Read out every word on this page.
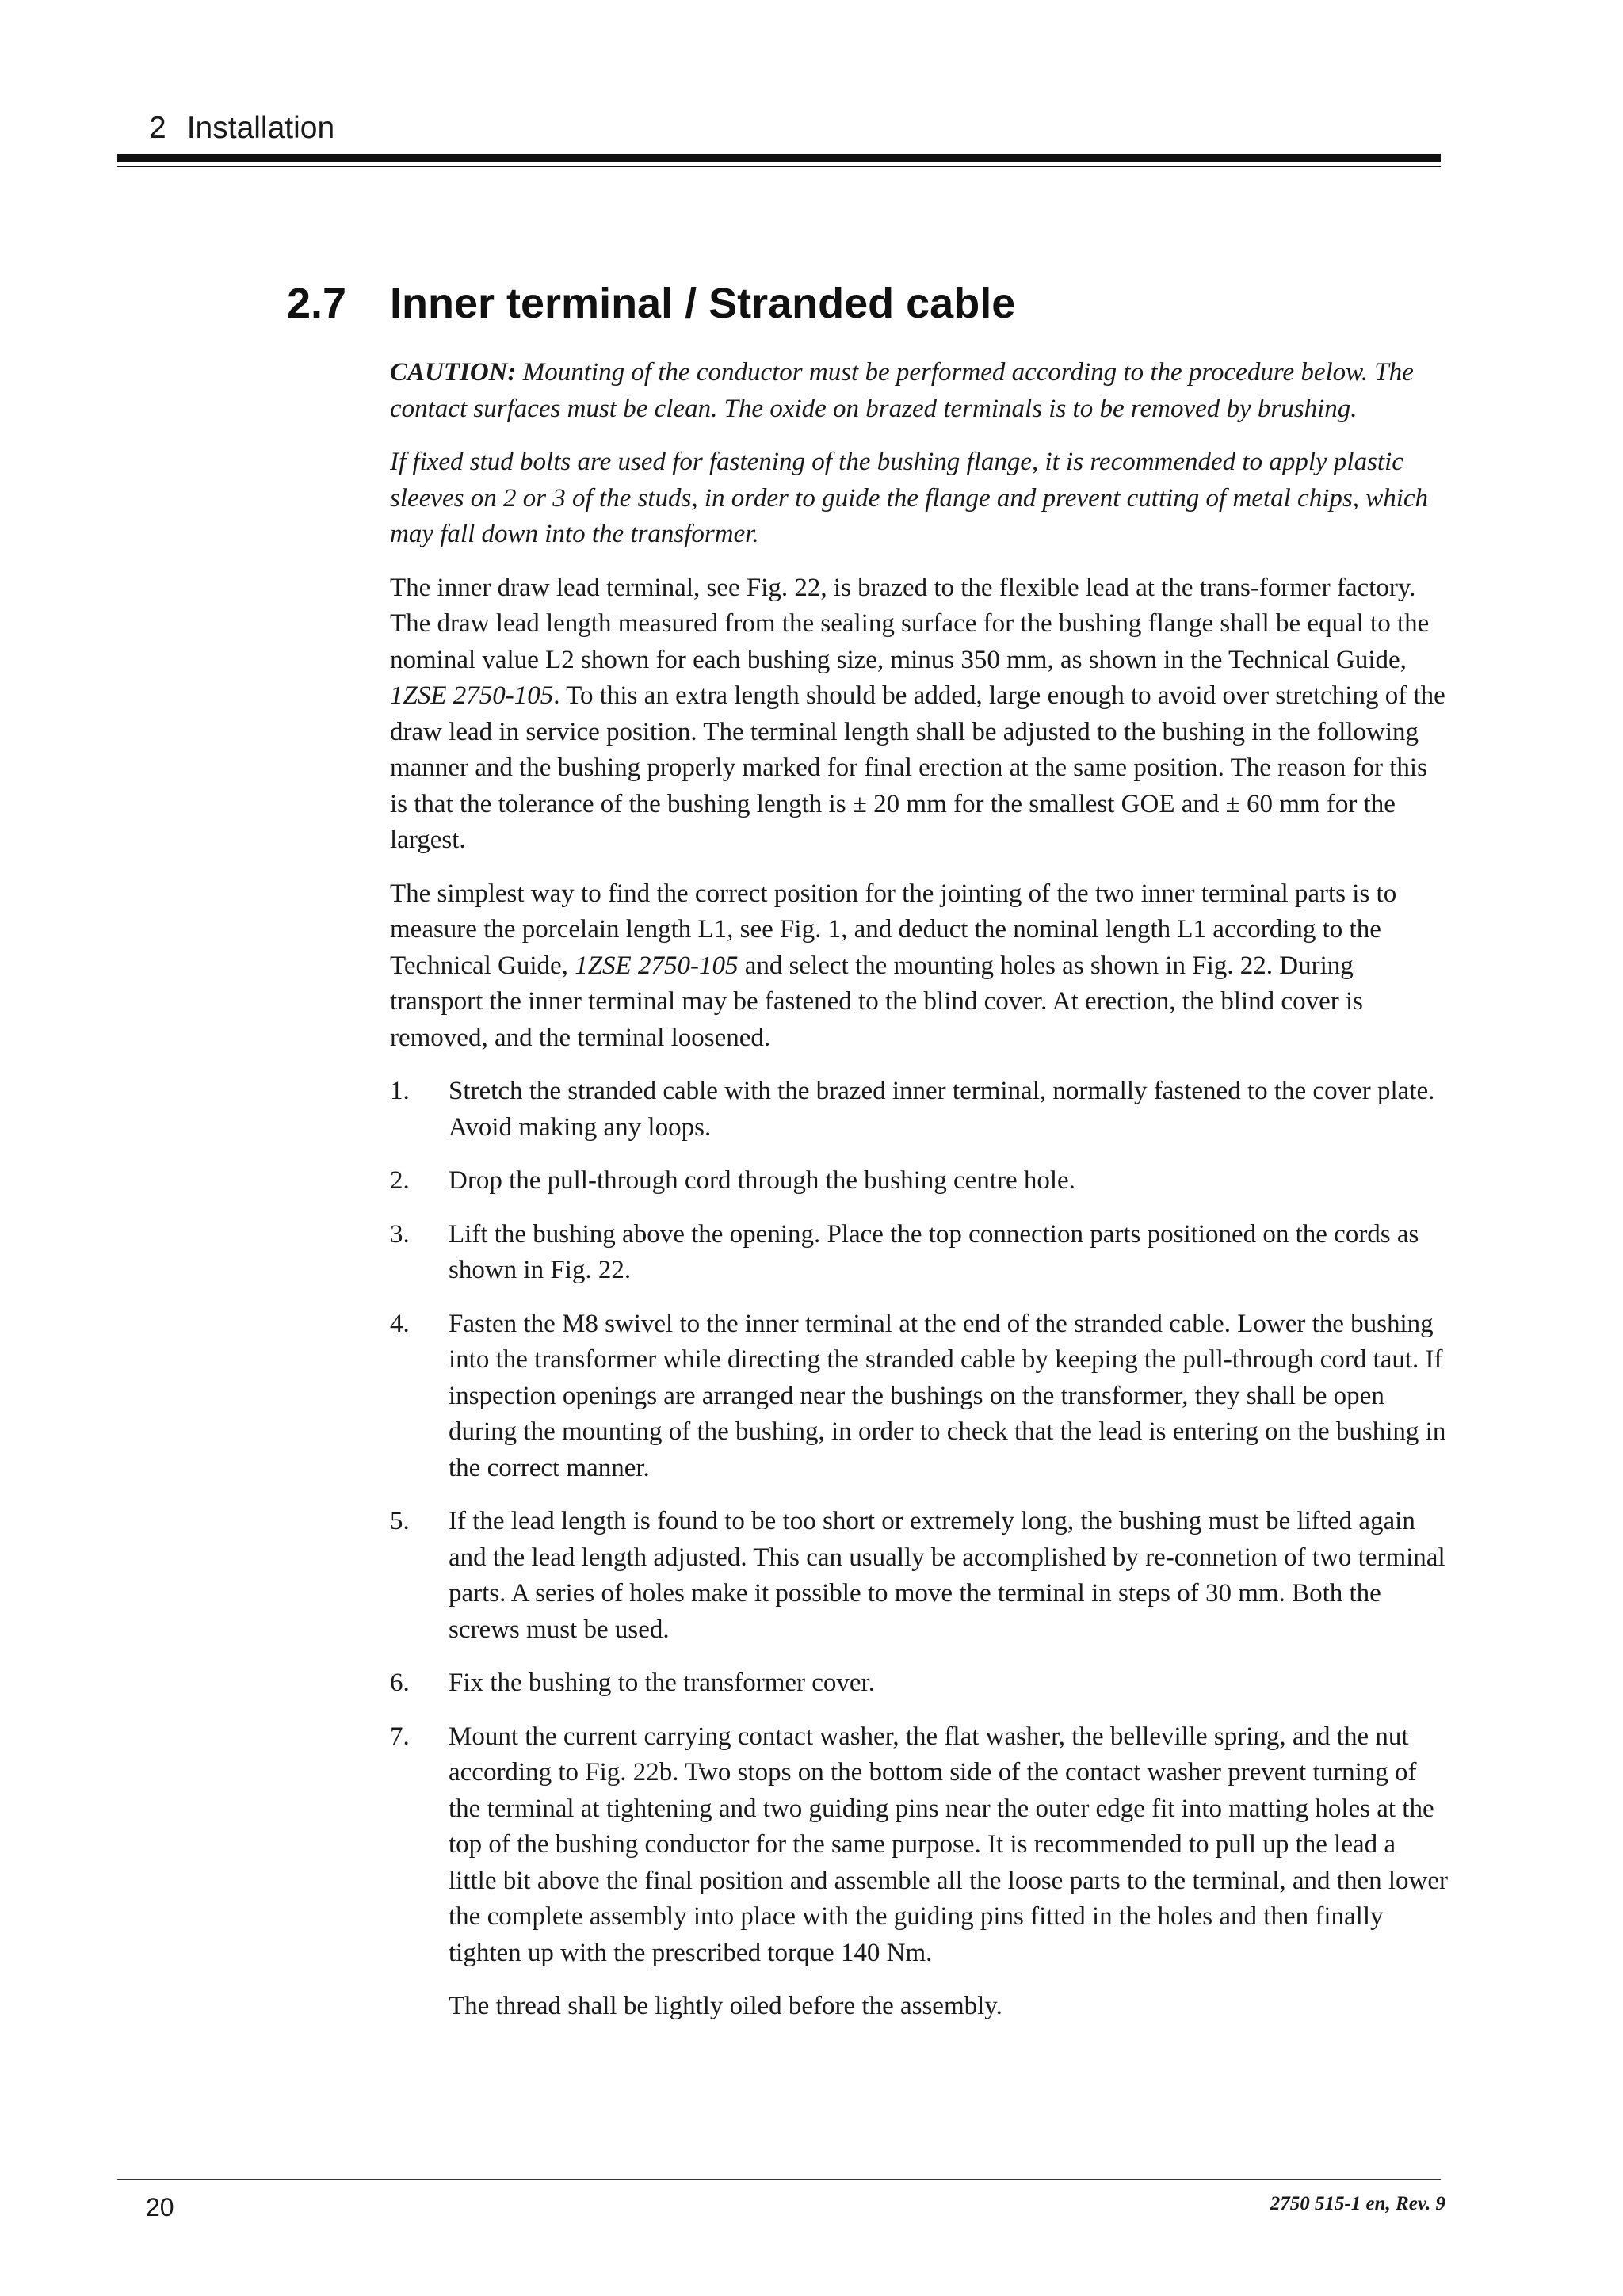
2 Installation
2.7 Inner terminal / Stranded cable

CAUTION: Mounting of the conductor must be performed according to the procedure below. The contact surfaces must be clean. The oxide on brazed terminals is to be removed by brushing.

If fixed stud bolts are used for fastening of the bushing flange, it is recommended to apply plastic sleeves on 2 or 3 of the studs, in order to guide the flange and prevent cutting of metal chips, which may fall down into the transformer.

The inner draw lead terminal, see Fig. 22, is brazed to the flexible lead at the trans-former factory. The draw lead length measured from the sealing surface for the bushing flange shall be equal to the nominal value L2 shown for each bushing size, minus 350 mm, as shown in the Technical Guide, 1ZSE 2750-105. To this an extra length should be added, large enough to avoid over stretching of the draw lead in service position. The terminal length shall be adjusted to the bushing in the following manner and the bushing properly marked for final erection at the same position. The reason for this is that the tolerance of the bushing length is ± 20 mm for the smallest GOE and ± 60 mm for the largest.

The simplest way to find the correct position for the jointing of the two inner terminal parts is to measure the porcelain length L1, see Fig. 1, and deduct the nominal length L1 according to the Technical Guide, 1ZSE 2750-105 and select the mounting holes as shown in Fig. 22. During transport the inner terminal may be fastened to the blind cover. At erection, the blind cover is removed, and the terminal loosened.

1. Stretch the stranded cable with the brazed inner terminal, normally fastened to the cover plate. Avoid making any loops.
2. Drop the pull-through cord through the bushing centre hole.
3. Lift the bushing above the opening. Place the top connection parts positioned on the cords as shown in Fig. 22.
4. Fasten the M8 swivel to the inner terminal at the end of the stranded cable. Lower the bushing into the transformer while directing the stranded cable by keeping the pull-through cord taut. If inspection openings are arranged near the bushings on the transformer, they shall be open during the mounting of the bushing, in order to check that the lead is entering on the bushing in the correct manner.
5. If the lead length is found to be too short or extremely long, the bushing must be lifted again and the lead length adjusted. This can usually be accomplished by re-connetion of two terminal parts. A series of holes make it possible to move the terminal in steps of 30 mm. Both the screws must be used.
6. Fix the bushing to the transformer cover.
7. Mount the current carrying contact washer, the flat washer, the belleville spring, and the nut according to Fig. 22b. Two stops on the bottom side of the contact washer prevent turning of the terminal at tightening and two guiding pins near the outer edge fit into matting holes at the top of the bushing conductor for the same purpose. It is recommended to pull up the lead a little bit above the final position and assemble all the loose parts to the terminal, and then lower the complete assembly into place with the guiding pins fitted in the holes and then finally tighten up with the prescribed torque 140 Nm.
The thread shall be lightly oiled before the assembly.
20	2750 515-1 en, Rev. 9
